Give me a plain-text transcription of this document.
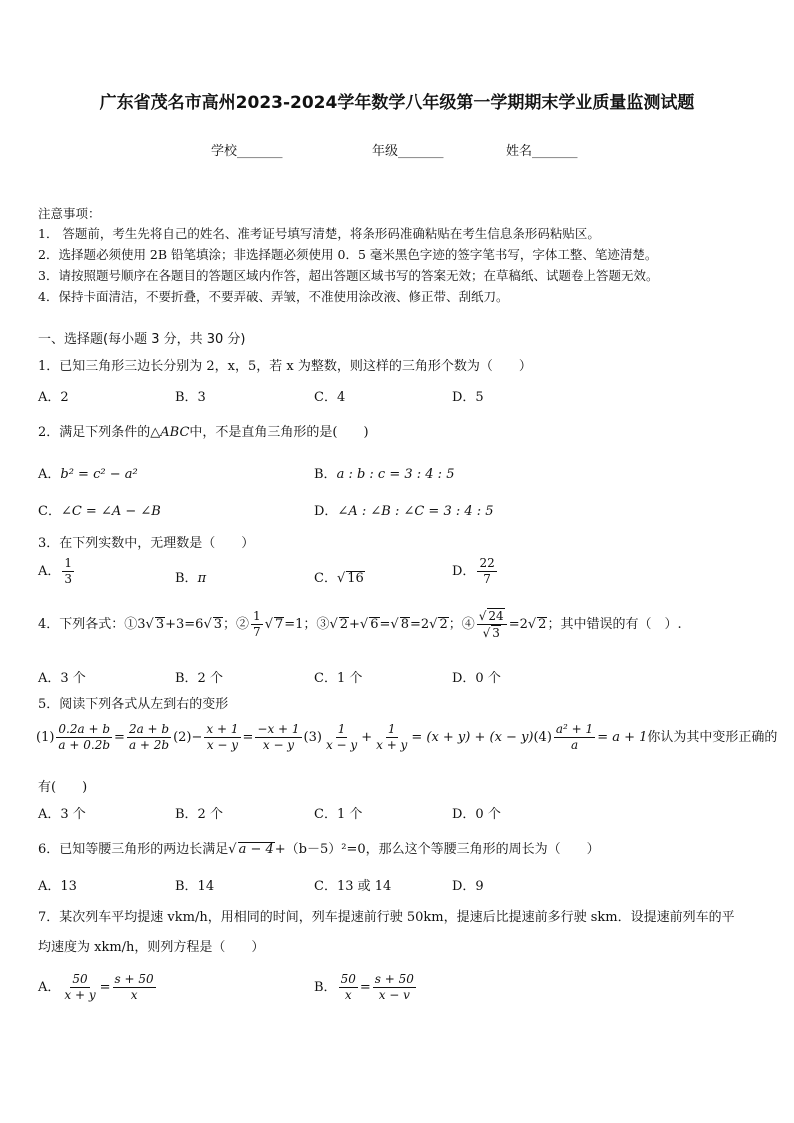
广东省茂名市高州2023-2024学年数学八年级第一学期期末学业质量监测试题
学校_______	年级_______	姓名_______
注意事项：
1． 答题前，考生先将自己的姓名、准考证号填写清楚，将条形码准确粘贴在考生信息条形码粘贴区。
2．选择题必须使用 2B 铅笔填涂；非选择题必须使用 0．5 毫米黑色字迹的签字笔书写，字体工整、笔迹清楚。
3．请按照题号顺序在各题目的答题区域内作答，超出答题区域书写的答案无效；在草稿纸、试题卷上答题无效。
4．保持卡面清洁，不要折叠，不要弄破、弄皱，不准使用涂改液、修正带、刮纸刀。
一、选择题(每小题 3 分，共 30 分)
1．已知三角形三边长分别为 2，x，5，若 x 为整数，则这样的三角形个数为（　　）
A．2	B．3	C．4	D．5
2．满足下列条件的△ABC中，不是直角三角形的是(　　)
A．b² = c² − a²	B．a : b : c = 3 : 4 : 5
C．∠C = ∠A − ∠B	D．∠A : ∠B : ∠C = 3 : 4 : 5
3．在下列实数中，无理数是（　　）
A． $\frac{1}{3}$	B．π	C．√ 16	D． $\frac{22}{7}$
4．下列各式：①3√ 3+3=6√ 3；② $\frac{1}{7}$ √ 7=1；③√ 2+√ 6=√ 8=2√ 2；④ $\frac{√ 24}{√ 3} =2√$ 2；其中错误的有（　）.
A．3 个	B．2 个	C．1 个	D．0 个
5．阅读下列各式从左到右的变形
$(1) \frac{0.2a + b}{a + 0.2b} = \frac{2a + b}{a + 2b} (2)- \frac{x + 1}{x - y} = \frac{-x + 1}{x - y} (3) \frac{1}{x - y} + \frac{1}{x + y} = (x + y) + (x - y)(4) \frac{\text{a² + 1}}{a} = a + 1$你认为其中变形正确的
有(　　)
A．3 个	B．2 个	C．1 个	D．0 个
6．已知等腰三角形的两边长满足√ a − 4+（b－5）²=0，那么这个等腰三角形的周长为（　　）
A．13	B．14	C．13 或 14	D．9
7．某次列车平均提速 vkm/h，用相同的时间，列车提速前行驶 50km，提速后比提速前多行驶 skm．设提速前列车的平
均速度为 xkm/h，则列方程是（　　）
A． $\frac{50}{x + y} = \frac{s + 50}{x}$	B． $\frac{50}{x} = \frac{s + 50}{x - v}$
